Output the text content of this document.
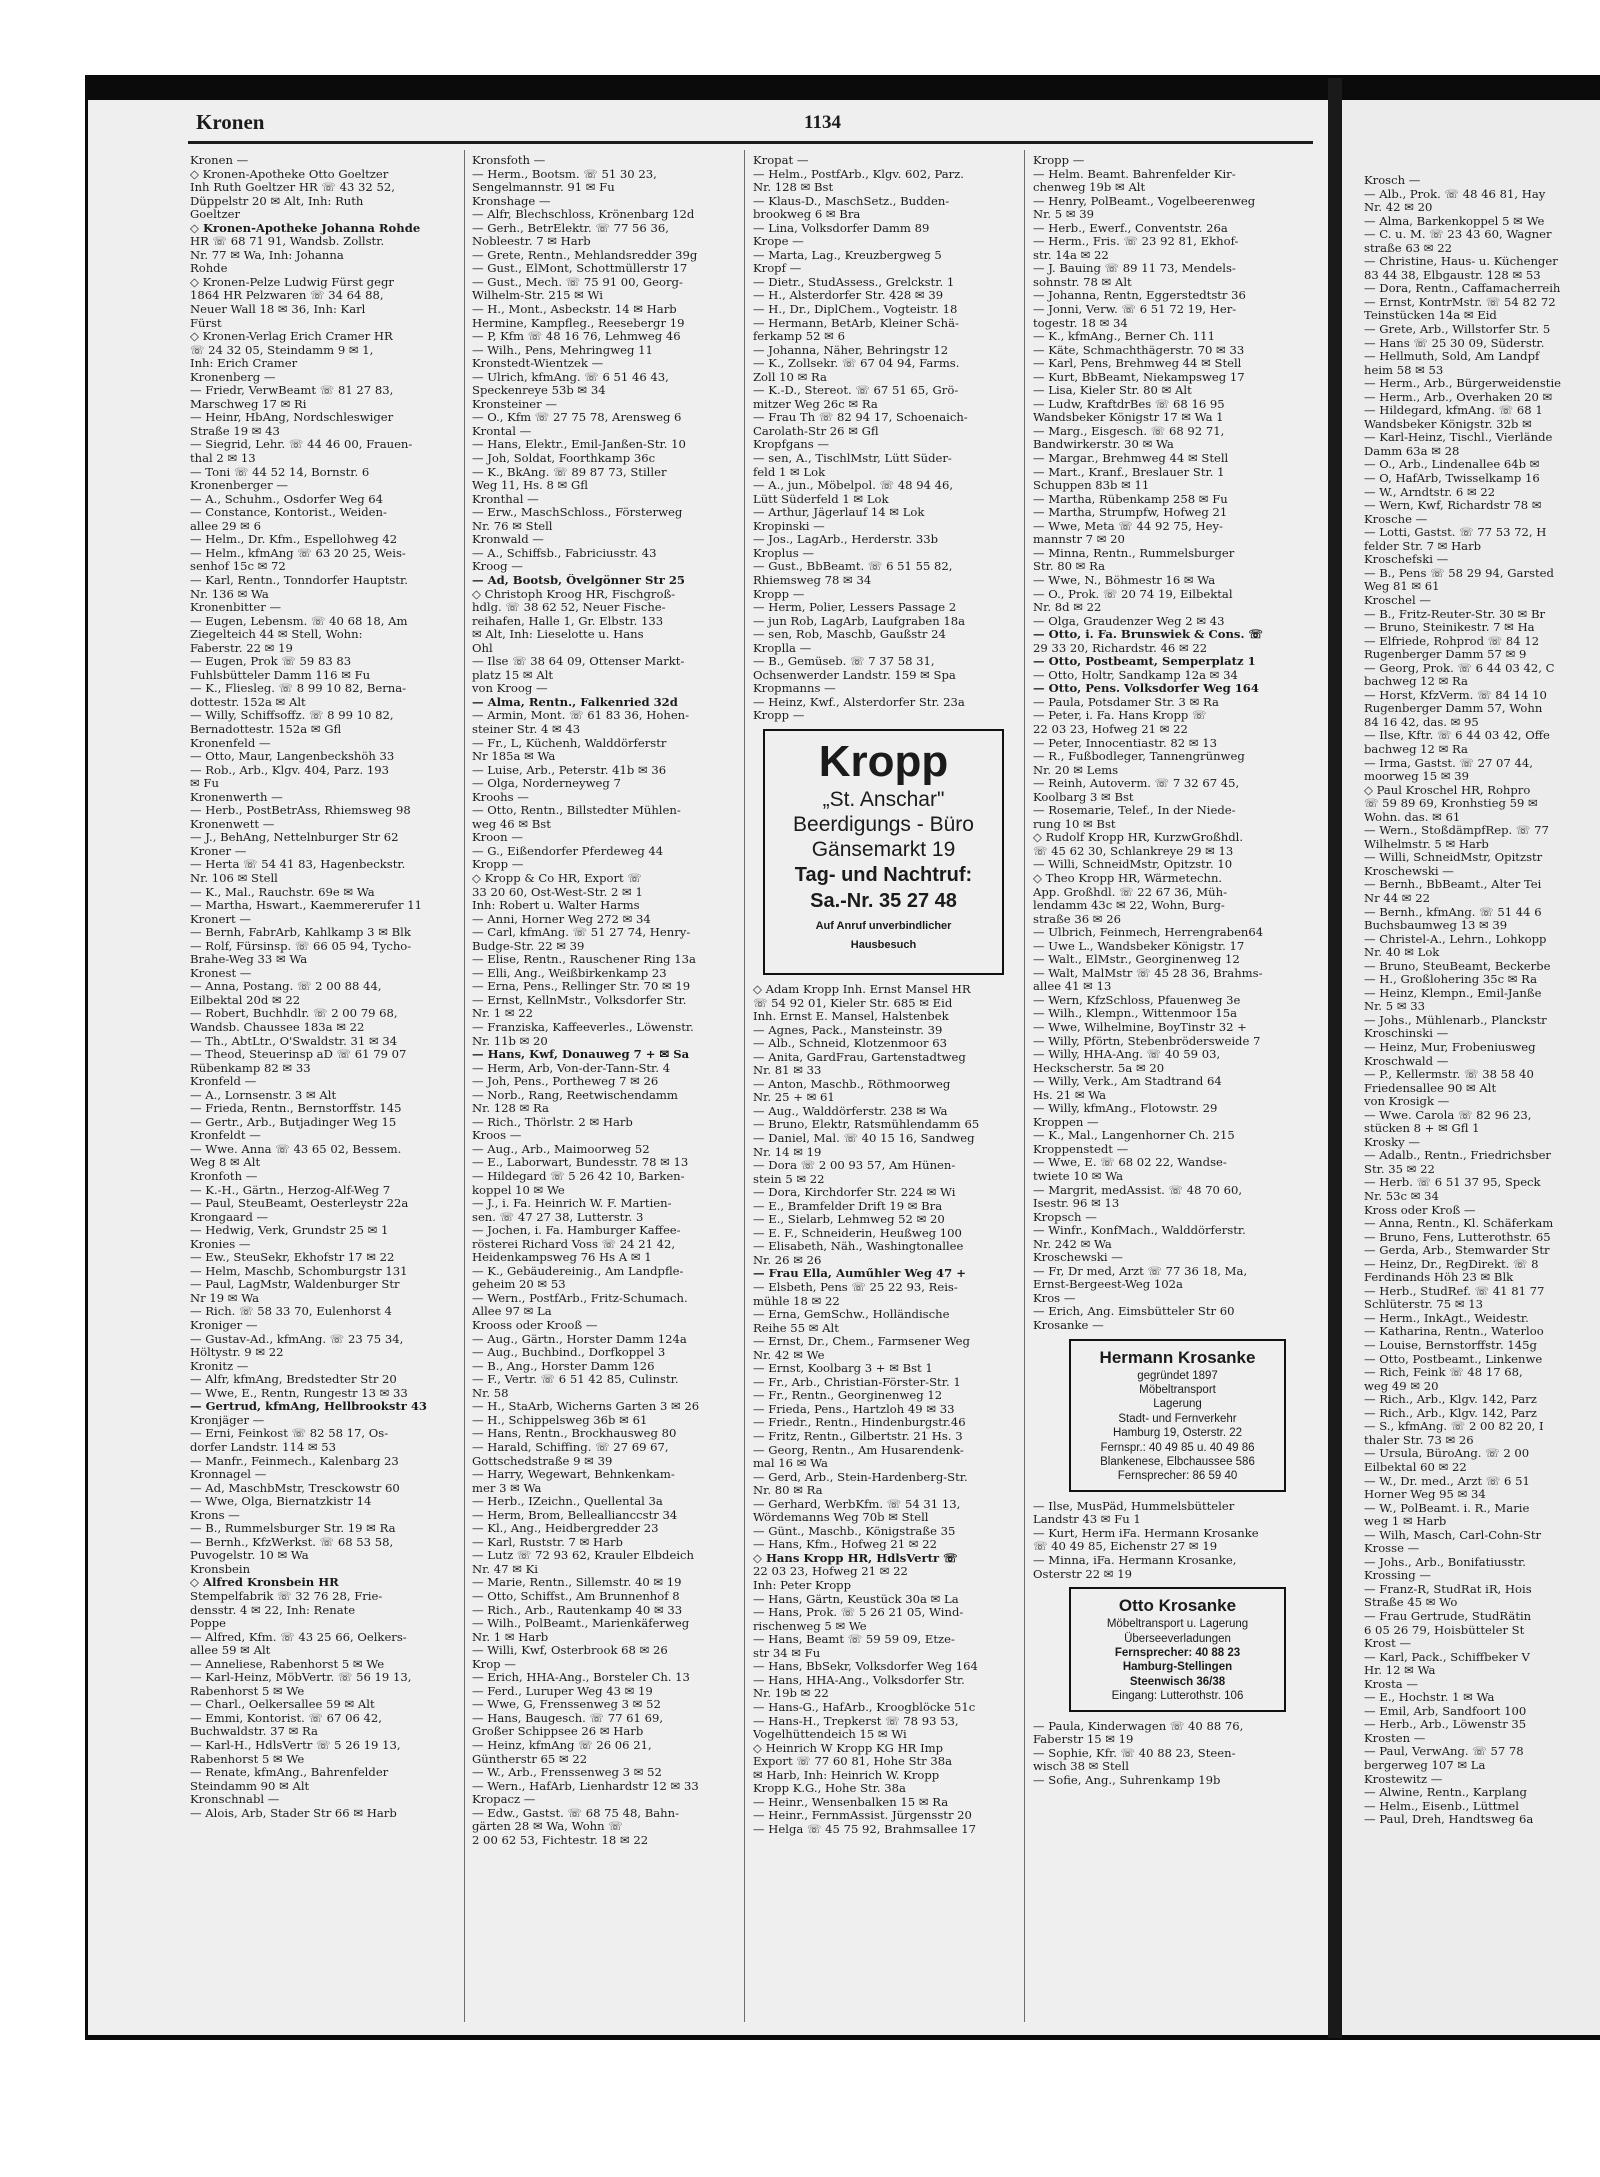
Kronen	1134
Kronen —
◇ Kronen-Apotheke Otto Goeltzer
Inh Ruth Goeltzer HR ☏ 43 32 52,
Düppelstr 20 ✉ Alt, Inh: Ruth
Goeltzer
◇ Kronen-Apotheke Johanna Rohde
HR ☏ 68 71 91, Wandsb. Zollstr.
Nr. 77 ✉ Wa, Inh: Johanna
Rohde
◇ Kronen-Pelze Ludwig Fürst gegr
1864 HR Pelzwaren ☏ 34 64 88,
Neuer Wall 18 ✉ 36, Inh: Karl
Fürst
◇ Kronen-Verlag Erich Cramer HR
☏ 24 32 05, Steindamm 9 ✉ 1,
Inh: Erich Cramer
Kronenberg —
— Friedr, VerwBeamt ☏ 81 27 83,
Marschweg 17 ✉ Ri
— Heinr, HbAng, Nordschleswiger
Straße 19 ✉ 43
— Siegrid, Lehr. ☏ 44 46 00, Frauen-
thal 2 ✉ 13
— Toni ☏ 44 52 14, Bornstr. 6
Kronenberger —
— A., Schuhm., Osdorfer Weg 64
— Constance, Kontorist., Weiden-
allee 29 ✉ 6
— Helm., Dr. Kfm., Espellohweg 42
— Helm., kfmAng ☏ 63 20 25, Weis-
senhof 15c ✉ 72
— Karl, Rentn., Tonndorfer Hauptstr.
Nr. 136 ✉ Wa
Kronenbitter —
— Eugen, Lebensm. ☏ 40 68 18, Am
Ziegelteich 44 ✉ Stell, Wohn:
Faberstr. 22 ✉ 19
— Eugen, Prok ☏ 59 83 83
Fuhlsbütteler Damm 116 ✉ Fu
— K., Fliesleg. ☏ 8 99 10 82, Berna-
dottestr. 152a ✉ Alt
— Willy, Schiffsoffz. ☏ 8 99 10 82,
Bernadottestr. 152a ✉ Gfl
Kronenfeld —
— Otto, Maur, Langenbeckshöh 33
— Rob., Arb., Klgv. 404, Parz. 193
✉ Fu
Kronenwerth —
— Herb., PostBetrAss, Rhiemsweg 98
Kronenwett —
— J., BehAng, Nettelnburger Str 62
Kroner —
— Herta ☏ 54 41 83, Hagenbeckstr.
Nr. 106 ✉ Stell
— K., Mal., Rauchstr. 69e ✉ Wa
— Martha, Hswart., Kaemmererufer 11
Kronert —
— Bernh, FabrArb, Kahlkamp 3 ✉ Blk
— Rolf, Fürsinsp. ☏ 66 05 94, Tycho-
Brahe-Weg 33 ✉ Wa
Kronest —
— Anna, Postang. ☏ 2 00 88 44,
Eilbektal 20d ✉ 22
— Robert, Buchhdlr. ☏ 2 00 79 68,
Wandsb. Chaussee 183a ✉ 22
— Th., AbtLtr., O'Swaldstr. 31 ✉ 34
— Theod, Steuerinsp aD ☏ 61 79 07
Rübenkamp 82 ✉ 33
Kronfeld —
— A., Lornsenstr. 3 ✉ Alt
— Frieda, Rentn., Bernstorffstr. 145
— Gertr., Arb., Butjadinger Weg 15
Kronfeldt —
— Wwe. Anna ☏ 43 65 02, Bessem.
Weg 8 ✉ Alt
Kronfoth —
— K.-H., Gärtn., Herzog-Alf-Weg 7
— Paul, SteuBeamt, Oesterleystr 22a
Krongaard —
— Hedwig, Verk, Grundstr 25 ✉ 1
Kronies —
— Ew., SteuSekr, Ekhofstr 17 ✉ 22
— Helm, Maschb, Schomburgstr 131
— Paul, LagMstr, Waldenburger Str
Nr 19 ✉ Wa
— Rich. ☏ 58 33 70, Eulenhorst 4
Kroniger —
— Gustav-Ad., kfmAng. ☏ 23 75 34,
Höltystr. 9 ✉ 22
Kronitz —
— Alfr, kfmAng, Bredstedter Str 20
— Wwe, E., Rentn, Rungestr 13 ✉ 33
— Gertrud, kfmAng, Hellbrookstr 43
Kronjäger —
— Erni, Feinkost ☏ 82 58 17, Os-
dorfer Landstr. 114 ✉ 53
— Manfr., Feinmech., Kalenbarg 23
Kronnagel —
— Ad, MaschbMstr, Tresckowstr 60
— Wwe, Olga, Biernatzkistr 14
Krons —
— B., Rummelsburger Str. 19 ✉ Ra
— Bernh., KfzWerkst. ☏ 68 53 58,
Puvogelstr. 10 ✉ Wa
Kronsbein
◇ Alfred Kronsbein HR
Stempelfabrik ☏ 32 76 28, Frie-
densstr. 4 ✉ 22, Inh: Renate
Poppe
— Alfred, Kfm. ☏ 43 25 66, Oelkers-
allee 59 ✉ Alt
— Anneliese, Rabenhorst 5 ✉ We
— Karl-Heinz, MöbVertr. ☏ 56 19 13,
Rabenhorst 5 ✉ We
— Charl., Oelkersallee 59 ✉ Alt
— Emmi, Kontorist. ☏ 67 06 42,
Buchwaldstr. 37 ✉ Ra
— Karl-H., HdlsVertr ☏ 5 26 19 13,
Rabenhorst 5 ✉ We
— Renate, kfmAng., Bahrenfelder
Steindamm 90 ✉ Alt
Kronschnabl —
— Alois, Arb, Stader Str 66 ✉ Harb
Kronsfoth —
— Herm., Bootsm. ☏ 51 30 23,
Sengelmannstr. 91 ✉ Fu
Kronshage —
— Alfr, Blechschloss, Krönenbarg 12d
— Gerh., BetrElektr. ☏ 77 56 36,
Nobleestr. 7 ✉ Harb
— Grete, Rentn., Mehlandsredder 39g
— Gust., ElMont, Schottmüllerstr 17
— Gust., Mech. ☏ 75 91 00, Georg-
Wilhelm-Str. 215 ✉ Wi
— H., Mont., Asbeckstr. 14 ✉ Harb
Hermine, Kampfleg., Reesebergr 19
— P, Kfm ☏ 48 16 76, Lehmweg 46
— Wilh., Pens, Mehringweg 11
Kronstedt-Wientzek —
— Ulrich, kfmAng. ☏ 6 51 46 43,
Speckenreye 53b ✉ 34
Kronsteiner —
— O., Kfm ☏ 27 75 78, Arensweg 6
Krontal —
— Hans, Elektr., Emil-Janßen-Str. 10
— Joh, Soldat, Foorthkamp 36c
— K., BkAng. ☏ 89 87 73, Stiller
Weg 11, Hs. 8 ✉ Gfl
Kronthal —
— Erw., MaschSchloss., Försterweg
Nr. 76 ✉ Stell
Kronwald —
— A., Schiffsb., Fabriciusstr. 43
Kroog —
— Ad, Bootsb, Övelgönner Str 25
◇ Christoph Kroog HR, Fischgroß-
hdlg. ☏ 38 62 52, Neuer Fische-
reihafen, Halle 1, Gr. Elbstr. 133
✉ Alt, Inh: Lieselotte u. Hans
Ohl
— Ilse ☏ 38 64 09, Ottenser Markt-
platz 15 ✉ Alt
von Kroog —
— Alma, Rentn., Falkenried 32d
— Armin, Mont. ☏ 61 83 36, Hohen-
steiner Str. 4 ✉ 43
— Fr., L, Küchenh, Walddörferstr
Nr 185a ✉ Wa
— Luise, Arb., Peterstr. 41b ✉ 36
— Olga, Norderneyweg 7
Kroohs —
— Otto, Rentn., Billstedter Mühlen-
weg 46 ✉ Bst
Kroon —
— G., Eißendorfer Pferdeweg 44
Kropp —
◇ Kropp & Co HR, Export ☏
33 20 60, Ost-West-Str. 2 ✉ 1
Inh: Robert u. Walter Harms
— Anni, Horner Weg 272 ✉ 34
— Carl, kfmAng. ☏ 51 27 74, Henry-
Budge-Str. 22 ✉ 39
— Elise, Rentn., Rauschener Ring 13a
— Elli, Ang., Weißbirkenkamp 23
— Erna, Pens., Rellinger Str. 70 ✉ 19
— Ernst, KellnMstr., Volksdorfer Str.
Nr. 1 ✉ 22
— Franziska, Kaffeeverles., Löwenstr.
Nr. 11b ✉ 20
— Hans, Kwf, Donauweg 7 + ✉ Sa
— Herm, Arb, Von-der-Tann-Str. 4
— Joh, Pens., Portheweg 7 ✉ 26
— Norb., Rang, Reetwischendamm
Nr. 128 ✉ Ra
— Rich., Thörlstr. 2 ✉ Harb
Kroos —
— Aug., Arb., Maimoorweg 52
— E., Laborwart, Bundesstr. 78 ✉ 13
— Hildegard ☏ 5 26 42 10, Barken-
koppel 10 ✉ We
— J., i. Fa. Heinrich W. F. Martien-
sen. ☏ 47 27 38, Lutterstr. 3
— Jochen, i. Fa. Hamburger Kaffee-
rösterei Richard Voss ☏ 24 21 42,
Heidenkampsweg 76 Hs A ✉ 1
— K., Gebäudereinig., Am Landpfle-
geheim 20 ✉ 53
— Wern., PostfArb., Fritz-Schumach.
Allee 97 ✉ La
Krooss oder Krooß —
— Aug., Gärtn., Horster Damm 124a
— Aug., Buchbind., Dorfkoppel 3
— B., Ang., Horster Damm 126
— F., Vertr. ☏ 6 51 42 85, Culinstr.
Nr. 58
— H., StaArb, Wicherns Garten 3 ✉ 26
— H., Schippelsweg 36b ✉ 61
— Hans, Rentn., Brockhausweg 80
— Harald, Schiffing. ☏ 27 69 67,
Gottschedstraße 9 ✉ 39
— Harry, Wegewart, Behnkenkam-
mer 3 ✉ Wa
— Herb., IZeichn., Quellental 3a
— Herm, Brom, Belleallianccstr 34
— Kl., Ang., Heidbergredder 23
— Karl, Ruststr. 7 ✉ Harb
— Lutz ☏ 72 93 62, Krauler Elbdeich
Nr. 47 ✉ Ki
— Marie, Rentn., Sillemstr. 40 ✉ 19
— Otto, Schiffst., Am Brunnenhof 8
— Rich., Arb., Rautenkamp 40 ✉ 33
— Wilh., PolBeamt., Marienkäferweg
Nr. 1 ✉ Harb
— Willi, Kwf, Osterbrook 68 ✉ 26
Krop —
— Erich, HHA-Ang., Borsteler Ch. 13
— Ferd., Luruper Weg 43 ✉ 19
— Wwe, G, Frenssenweg 3 ✉ 52
— Hans, Baugesch. ☏ 77 61 69,
Großer Schippsee 26 ✉ Harb
— Heinz, kfmAng ☏ 26 06 21,
Güntherstr 65 ✉ 22
— W., Arb., Frenssenweg 3 ✉ 52
— Wern., HafArb, Lienhardstr 12 ✉ 33
Kropacz —
— Edw., Gastst. ☏ 68 75 48, Bahn-
gärten 28 ✉ Wa, Wohn ☏
2 00 62 53, Fichtestr. 18 ✉ 22
Kropat —
— Helm., PostfArb., Klgv. 602, Parz.
Nr. 128 ✉ Bst
— Klaus-D., MaschSetz., Budden-
brookweg 6 ✉ Bra
— Lina, Volksdorfer Damm 89
Krope —
— Marta, Lag., Kreuzbergweg 5
Kropf —
— Dietr., StudAssess., Grelckstr. 1
— H., Alsterdorfer Str. 428 ✉ 39
— H., Dr., DiplChem., Vogteistr. 18
— Hermann, BetArb, Kleiner Schä-
ferkamp 52 ✉ 6
— Johanna, Näher, Behringstr 12
— K., Zollsekr. ☏ 67 04 94, Farms.
Zoll 10 ✉ Ra
— K.-D., Stereot. ☏ 67 51 65, Grö-
mitzer Weg 26c ✉ Ra
— Frau Th ☏ 82 94 17, Schoenaich-
Carolath-Str 26 ✉ Gfl
Kropfgans —
— sen, A., TischlMstr, Lütt Süder-
feld 1 ✉ Lok
— A., jun., Möbelpol. ☏ 48 94 46,
Lütt Süderfeld 1 ✉ Lok
— Arthur, Jägerlauf 14 ✉ Lok
Kropinski —
— Jos., LagArb., Herderstr. 33b
Kroplus —
— Gust., BbBeamt. ☏ 6 51 55 82,
Rhiemsweg 78 ✉ 34
Kropp —
— Herm, Polier, Lessers Passage 2
— jun Rob, LagArb, Laufgraben 18a
— sen, Rob, Maschb, Gaußstr 24
Kroplla —
— B., Gemüseb. ☏ 7 37 58 31,
Ochsenwerder Landstr. 159 ✉ Spa
Kropmanns —
— Heinz, Kwf., Alsterdorfer Str. 23a
Kropp —
Kropp
„St. Anschar"
Beerdigungs - Büro
Gänsemarkt 19
Tag- und Nachtruf:
Sa.-Nr. 35 27 48
Auf Anruf unverbindlicher
Hausbesuch
◇ Adam Kropp Inh. Ernst Mansel HR
☏ 54 92 01, Kieler Str. 685 ✉ Eid
Inh. Ernst E. Mansel, Halstenbek
— Agnes, Pack., Mansteinstr. 39
— Alb., Schneid, Klotzenmoor 63
— Anita, GardFrau, Gartenstadtweg
Nr. 81 ✉ 33
— Anton, Maschb., Röthmoorweg
Nr. 25 + ✉ 61
— Aug., Walddörferstr. 238 ✉ Wa
— Bruno, Elektr, Ratsmühlendamm 65
— Daniel, Mal. ☏ 40 15 16, Sandweg
Nr. 14 ✉ 19
— Dora ☏ 2 00 93 57, Am Hünen-
stein 5 ✉ 22
— Dora, Kirchdorfer Str. 224 ✉ Wi
— E., Bramfelder Drift 19 ✉ Bra
— E., Sielarb, Lehmweg 52 ✉ 20
— E. F., Schneiderin, Heußweg 100
— Elisabeth, Näh., Washingtonallee
Nr. 26 ✉ 26
— Frau Ella, Auműhler Weg 47 +
— Elsbeth, Pens ☏ 25 22 93, Reis-
mühle 18 ✉ 22
— Erna, GemSchw., Holländische
Reihe 55 ✉ Alt
— Ernst, Dr., Chem., Farmsener Weg
Nr. 42 ✉ We
— Ernst, Koolbarg 3 + ✉ Bst 1
— Fr., Arb., Christian-Förster-Str. 1
— Fr., Rentn., Georginenweg 12
— Frieda, Pens., Hartzloh 49 ✉ 33
— Friedr., Rentn., Hindenburgstr.46
— Fritz, Rentn., Gilbertstr. 21 Hs. 3
— Georg, Rentn., Am Husarendenk-
mal 16 ✉ Wa
— Gerd, Arb., Stein-Hardenberg-Str.
Nr. 80 ✉ Ra
— Gerhard, WerbKfm. ☏ 54 31 13,
Wördemanns Weg 70b ✉ Stell
— Günt., Maschb., Königstraße 35
— Hans, Kfm., Hofweg 21 ✉ 22
◇ Hans Kropp HR, HdlsVertr ☏
22 03 23, Hofweg 21 ✉ 22
Inh: Peter Kropp
— Hans, Gärtn, Keustück 30a ✉ La
— Hans, Prok. ☏ 5 26 21 05, Wind-
rischenweg 5 ✉ We
— Hans, Beamt ☏ 59 59 09, Etze-
str 34 ✉ Fu
— Hans, BbSekr, Volksdorfer Weg 164
— Hans, HHA-Ang., Volksdorfer Str.
Nr. 19b ✉ 22
— Hans-G., HafArb., Kroogblöcke 51c
— Hans-H., Trepkerst ☏ 78 93 53,
Vogelhüttendeich 15 ✉ Wi
◇ Heinrich W Kropp KG HR Imp
Export ☏ 77 60 81, Hohe Str 38a
✉ Harb, Inh: Heinrich W. Kropp
Kropp K.G., Hohe Str. 38a
— Heinr., Wensenbalken 15 ✉ Ra
— Heinr., FernmAssist. Jürgensstr 20
— Helga ☏ 45 75 92, Brahmsallee 17
Kropp —
— Helm. Beamt. Bahrenfelder Kir-
chenweg 19b ✉ Alt
— Henry, PolBeamt., Vogelbeerenweg
Nr. 5 ✉ 39
— Herb., Ewerf., Conventstr. 26a
— Herm., Fris. ☏ 23 92 81, Ekhof-
str. 14a ✉ 22
— J. Bauing ☏ 89 11 73, Mendels-
sohnstr. 78 ✉ Alt
— Johanna, Rentn, Eggerstedtstr 36
— Jonni, Verw. ☏ 6 51 72 19, Her-
togestr. 18 ✉ 34
— K., kfmAng., Berner Ch. 111
— Käte, Schmachthägerstr. 70 ✉ 33
— Karl, Pens, Brehmweg 44 ✉ Stell
— Kurt, BbBeamt, Niekampsweg 17
— Lisa, Kieler Str. 80 ✉ Alt
— Ludw, KraftdrBes ☏ 68 16 95
Wandsbeker Königstr 17 ✉ Wa 1
— Marg., Eisgesch. ☏ 68 92 71,
Bandwirkerstr. 30 ✉ Wa
— Margar., Brehmweg 44 ✉ Stell
— Mart., Kranf., Breslauer Str. 1
Schuppen 83b ✉ 11
— Martha, Rübenkamp 258 ✉ Fu
— Martha, Strumpfw, Hofweg 21
— Wwe, Meta ☏ 44 92 75, Hey-
mannstr 7 ✉ 20
— Minna, Rentn., Rummelsburger
Str. 80 ✉ Ra
— Wwe, N., Böhmestr 16 ✉ Wa
— O., Prok. ☏ 20 74 19, Eilbektal
Nr. 8d ✉ 22
— Olga, Graudenzer Weg 2 ✉ 43
— Otto, i. Fa. Brunswiek & Cons. ☏
29 33 20, Richardstr. 46 ✉ 22
— Otto, Postbeamt, Semperplatz 1
— Otto, Holtr, Sandkamp 12a ✉ 34
— Otto, Pens. Volksdorfer Weg 164
— Paula, Potsdamer Str. 3 ✉ Ra
— Peter, i. Fa. Hans Kropp ☏
22 03 23, Hofweg 21 ✉ 22
— Peter, Innocentiastr. 82 ✉ 13
— R., Fußbodleger, Tannengrünweg
Nr. 20 ✉ Lems
— Reinh, Autoverm. ☏ 7 32 67 45,
Koolbarg 3 ✉ Bst
— Rosemarie, Telef., In der Niede-
rung 10 ✉ Bst
◇ Rudolf Kropp HR, KurzwGroßhdl.
☏ 45 62 30, Schlankreye 29 ✉ 13
— Willi, SchneidMstr, Opitzstr. 10
◇ Theo Kropp HR, Wärmetechn.
App. Großhdl. ☏ 22 67 36, Müh-
lendamm 43c ✉ 22, Wohn, Burg-
straße 36 ✉ 26
— Ulbrich, Feinmech, Herrengraben64
— Uwe L., Wandsbeker Königstr. 17
— Walt., ElMstr., Georginenweg 12
— Walt, MalMstr ☏ 45 28 36, Brahms-
allee 41 ✉ 13
— Wern, KfzSchloss, Pfauenweg 3e
— Wilh., Klempn., Wittenmoor 15a
— Wwe, Wilhelmine, BoyTinstr 32 +
— Willy, Pförtn, Stebenbrödersweide 7
— Willy, HHA-Ang. ☏ 40 59 03,
Heckscherstr. 5a ✉ 20
— Willy, Verk., Am Stadtrand 64
Hs. 21 ✉ Wa
— Willy, kfmAng., Flotowstr. 29
Kroppen —
— K., Mal., Langenhorner Ch. 215
Kroppenstedt —
— Wwe, E. ☏ 68 02 22, Wandse-
twiete 10 ✉ Wa
— Margrit, medAssist. ☏ 48 70 60,
Isestr. 96 ✉ 13
Kropsch —
— Winfr., KonfMach., Walddörferstr.
Nr. 242 ✉ Wa
Kroschewski —
— Fr, Dr med, Arzt ☏ 77 36 18, Ma,
Ernst-Bergeest-Weg 102a
Kros —
— Erich, Ang. Eimsbütteler Str 60
Krosanke —
Hermann Krosanke
gegründet 1897
Möbeltransport
Lagerung
Stadt- und Fernverkehr
Hamburg 19, Osterstr. 22
Fernspr.: 40 49 85 u. 40 49 86
Blankenese, Elbchaussee 586
Fernsprecher: 86 59 40
— Ilse, MusPäd, Hummelsbütteler
Landstr 43 ✉ Fu 1
— Kurt, Herm iFa. Hermann Krosanke
☏ 40 49 85, Eichenstr 27 ✉ 19
— Minna, iFa. Hermann Krosanke,
Osterstr 22 ✉ 19
Otto Krosanke
Möbeltransport u. Lagerung
Überseeverladungen
Fernsprecher: 40 88 23
Hamburg-Stellingen
Steenwisch 36/38
Eingang: Lutterothstr. 106
— Paula, Kinderwagen ☏ 40 88 76,
Faberstr 15 ✉ 19
— Sophie, Kfr. ☏ 40 88 23, Steen-
wisch 38 ✉ Stell
— Sofie, Ang., Suhrenkamp 19b
Krosch —
— Alb., Prok. ☏ 48 46 81, Hay
Nr. 42 ✉ 20
— Alma, Barkenkoppel 5 ✉ We
— C. u. M. ☏ 23 43 60, Wagner
straße 63 ✉ 22
— Christine, Haus- u. Küchenger
83 44 38, Elbgaustr. 128 ✉ 53
— Dora, Rentn., Caffamacherreih
— Ernst, KontrMstr. ☏ 54 82 72
Teinstücken 14a ✉ Eid
— Grete, Arb., Willstorfer Str. 5
— Hans ☏ 25 30 09, Süderstr.
— Hellmuth, Sold, Am Landpf
heim 58 ✉ 53
— Herm., Arb., Bürgerweidenstie
— Herm., Arb., Overhaken 20 ✉
— Hildegard, kfmAng. ☏ 68 1
Wandsbeker Königstr. 32b ✉
— Karl-Heinz, Tischl., Vierlände
Damm 63a ✉ 28
— O., Arb., Lindenallee 64b ✉
— O, HafArb, Twisselkamp 16
— W., Arndtstr. 6 ✉ 22
— Wern, Kwf, Richardstr 78 ✉
Krosche —
— Lotti, Gastst. ☏ 77 53 72, H
felder Str. 7 ✉ Harb
Kroschefski —
— B., Pens ☏ 58 29 94, Garsted
Weg 81 ✉ 61
Kroschel —
— B., Fritz-Reuter-Str. 30 ✉ Br
— Bruno, Steinikestr. 7 ✉ Ha
— Elfriede, Rohprod ☏ 84 12
Rugenberger Damm 57 ✉ 9
— Georg, Prok. ☏ 6 44 03 42, C
bachweg 12 ✉ Ra
— Horst, KfzVerm. ☏ 84 14 10
Rugenberger Damm 57, Wohn
84 16 42, das. ✉ 95
— Ilse, Kftr. ☏ 6 44 03 42, Offe
bachweg 12 ✉ Ra
— Irma, Gastst. ☏ 27 07 44,
moorweg 15 ✉ 39
◇ Paul Kroschel HR, Rohpro
☏ 59 89 69, Kronhstieg 59 ✉
Wohn. das. ✉ 61
— Wern., StoßdämpfRep. ☏ 77
Wilhelmstr. 5 ✉ Harb
— Willi, SchneidMstr, Opitzstr
Kroschewski —
— Bernh., BbBeamt., Alter Tei
Nr 44 ✉ 22
— Bernh., kfmAng. ☏ 51 44 6
Buchsbaumweg 13 ✉ 39
— Christel-A., Lehrn., Lohkopp
Nr. 40 ✉ Lok
— Bruno, SteuBeamt, Beckerbe
— H., Großlohering 35c ✉ Ra
— Heinz, Klempn., Emil-Janße
Nr. 5 ✉ 33
— Johs., Mühlenarb., Planckstr
Kroschinski —
— Heinz, Mur, Frobeniusweg
Kroschwald —
— P., Kellermstr. ☏ 38 58 40
Friedensallee 90 ✉ Alt
von Krosigk —
— Wwe. Carola ☏ 82 96 23,
stücken 8 + ✉ Gfl 1
Krosky —
— Adalb., Rentn., Friedrichsber
Str. 35 ✉ 22
— Herb. ☏ 6 51 37 95, Speck
Nr. 53c ✉ 34
Kross oder Kroß —
— Anna, Rentn., Kl. Schäferkam
— Bruno, Fens, Lutterothstr. 65
— Gerda, Arb., Stemwarder Str
— Heinz, Dr., RegDirekt. ☏ 8
Ferdinands Höh 23 ✉ Blk
— Herb., StudRef. ☏ 41 81 77
Schlüterstr. 75 ✉ 13
— Herm., InkAgt., Weidestr.
— Katharina, Rentn., Waterloo
— Louise, Bernstorffstr. 145g
— Otto, Postbeamt., Linkenwe
— Rich, Feink ☏ 48 17 68,
weg 49 ✉ 20
— Rich., Arb., Klgv. 142, Parz
— Rich., Arb., Klgv. 142, Parz
— S., kfmAng. ☏ 2 00 82 20, I
thaler Str. 73 ✉ 26
— Ursula, BüroAng. ☏ 2 00
Eilbektal 60 ✉ 22
— W., Dr. med., Arzt ☏ 6 51
Horner Weg 95 ✉ 34
— W., PolBeamt. i. R., Marie
weg 1 ✉ Harb
— Wilh, Masch, Carl-Cohn-Str
Krosse —
— Johs., Arb., Bonifatiusstr.
Krossing —
— Franz-R, StudRat iR, Hois
Straße 45 ✉ Wo
— Frau Gertrude, StudRätin
6 05 26 79, Hoisbütteler St
Krost —
— Karl, Pack., Schiffbeker V
Hr. 12 ✉ Wa
Krosta —
— E., Hochstr. 1 ✉ Wa
— Emil, Arb, Sandfoort 100
— Herb., Arb., Löwenstr 35
Krosten —
— Paul, VerwAng. ☏ 57 78
bergerweg 107 ✉ La
Krostewitz —
— Alwine, Rentn., Karplang
— Helm., Eisenb., Lüttmel
— Paul, Dreh, Handtsweg 6a
